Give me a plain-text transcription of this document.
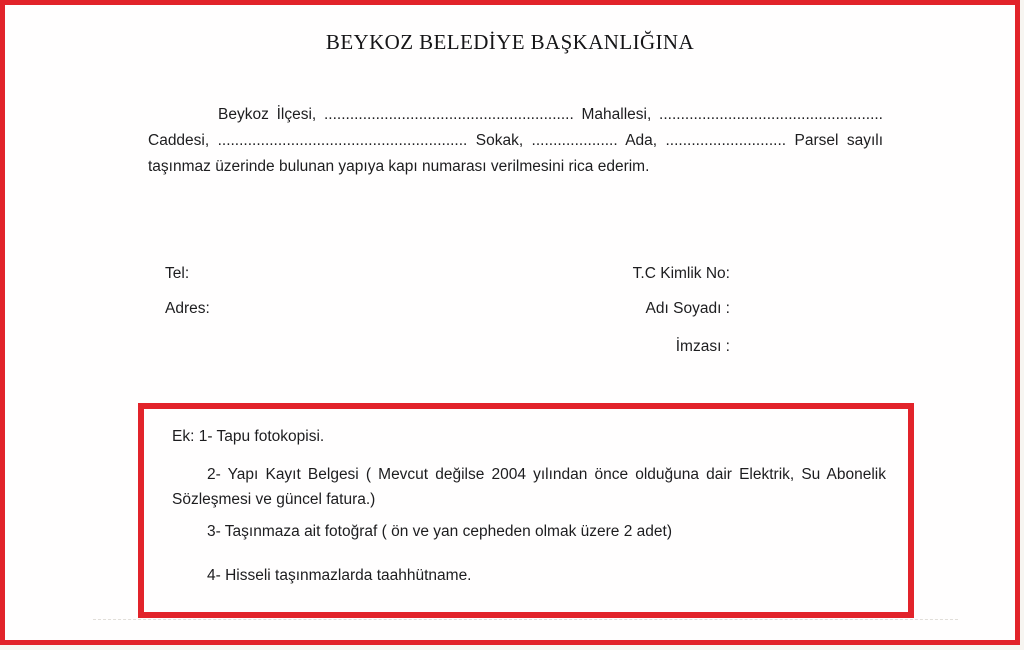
BEYKOZ BELEDİYE BAŞKANLIĞINA
Beykoz İlçesi, .......................................................... Mahallesi, ....................................................
Caddesi, .......................................................... Sokak, .................... Ada, ............................ Parsel sayılı
taşınmaz üzerinde bulunan yapıya kapı numarası verilmesini rica ederim.
Tel:
Adres:
T.C Kimlik No:
Adı Soyadı :
İmzası :
Ek: 1- Tapu fotokopisi.
2- Yapı Kayıt Belgesi ( Mevcut değilse 2004 yılından önce olduğuna dair Elektrik, Su Abonelik
Sözleşmesi ve güncel fatura.)
3- Taşınmaza ait fotoğraf ( ön ve yan cepheden olmak üzere 2 adet)
4- Hisseli taşınmazlarda taahhütname.
